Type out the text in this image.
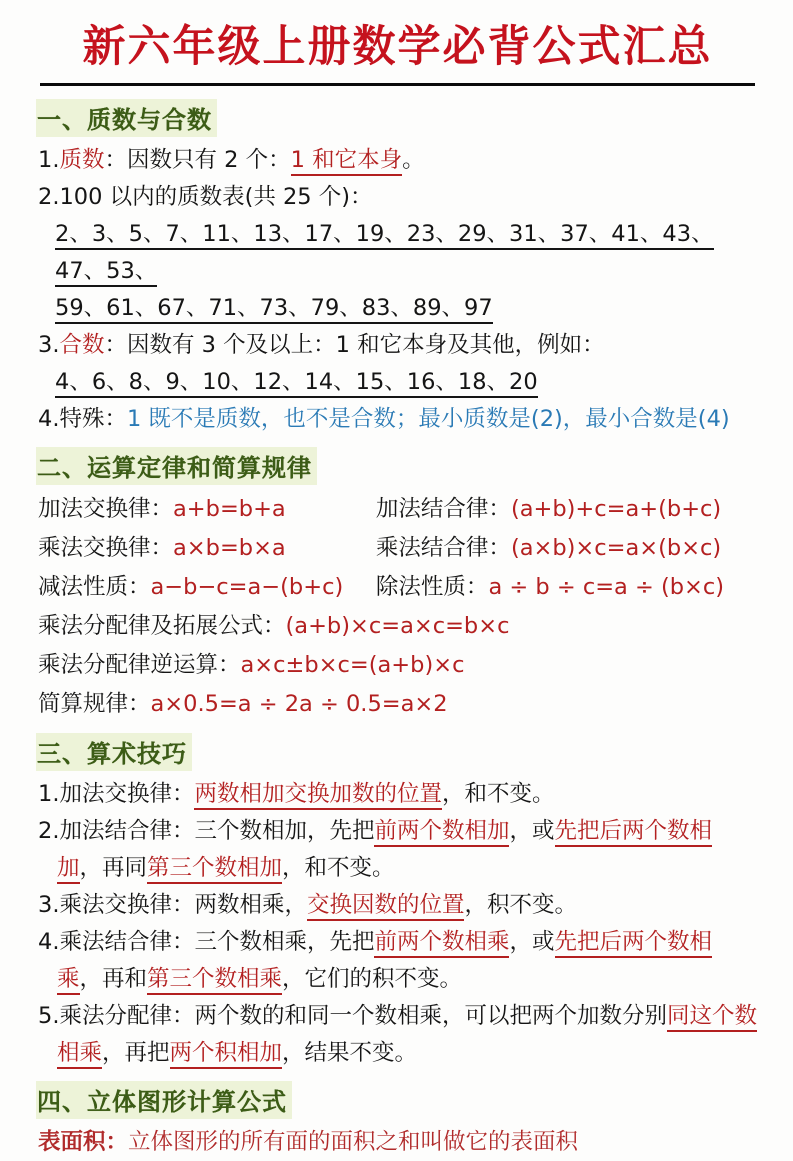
新六年级上册数学必背公式汇总
一、质数与合数

1.质数：因数只有 2 个：1 和它本身。

2.100 以内的质数表(共 25 个)：

2、3、5、7、11、13、17、19、23、29、31、37、41、43、47、53、

59、61、67、71、73、79、83、89、97

3.合数：因数有 3 个及以上：1 和它本身及其他，例如：

4、6、8、9、10、12、14、15、16、18、20

4.特殊：1 既不是质数，也不是合数；最小质数是(2)，最小合数是(4)

二、运算定律和简算规律
加法交换律：a+b=b+a	加法结合律：(a+b)+c=a+(b+c)
乘法交换律：a×b=b×a	乘法结合律：(a×b)×c=a×(b×c)
减法性质：a−b−c=a−(b+c)	除法性质：a ÷ b ÷ c=a ÷ (b×c)
乘法分配律及拓展公式： (a+b)×c=a×c=b×c
乘法分配律逆运算： a×c±b×c=(a+b)×c
简算规律： a×0.5=a ÷ 2a ÷ 0.5=a×2
三、算术技巧

1.加法交换律：两数相加交换加数的位置，和不变。

2.加法结合律：三个数相加，先把前两个数相加，或先把后两个数相加，再同第三个数相加，和不变。

3.乘法交换律：两数相乘，交换因数的位置，积不变。

4.乘法结合律：三个数相乘，先把前两个数相乘，或先把后两个数相乘，再和第三个数相乘，它们的积不变。

5.乘法分配律：两个数的和同一个数相乘，可以把两个加数分别同这个数相乘，再把两个积相加，结果不变。

四、立体图形计算公式

表面积：立体图形的所有面的面积之和叫做它的表面积
